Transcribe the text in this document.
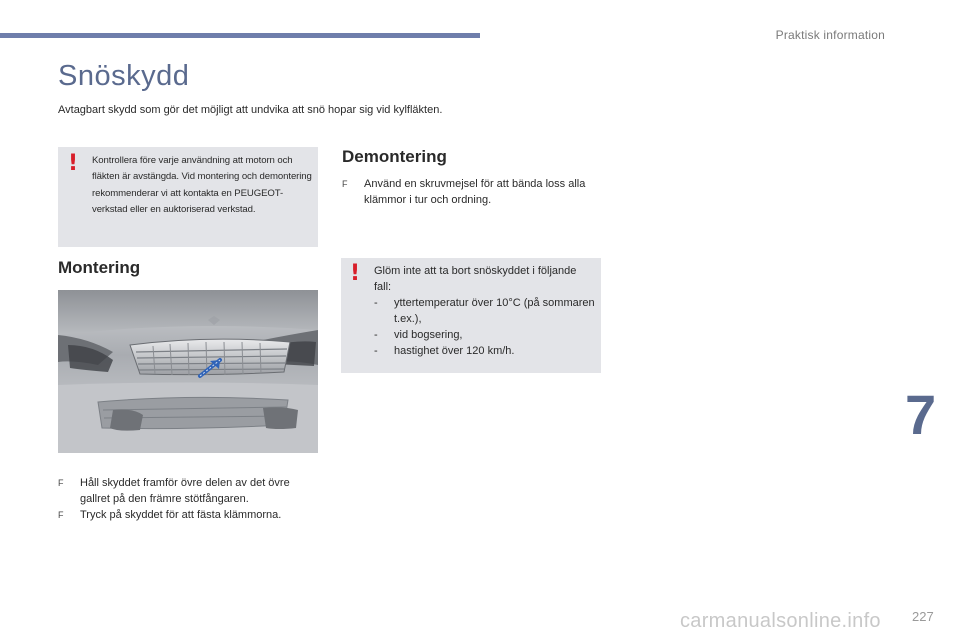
Praktisk information
Snöskydd

Avtagbart skydd som gör det möjligt att undvika att snö hopar sig vid kylfläkten.

! Kontrollera före varje användning att motorn och fläkten är avstängda. Vid montering och demontering rekommenderar vi att kontakta en PEUGEOT-verkstad eller en auktoriserad verkstad.
Montering
F Håll skyddet framför övre delen av det övre gallret på den främre stötfångaren.
F Tryck på skyddet för att fästa klämmorna.
Demontering
F Använd en skruvmejsel för att bända loss alla klämmor i tur och ordning.
! Glöm inte att ta bort snöskyddet i följande fall:
- yttertemperatur över 10°C (på sommaren t.ex.),
- vid bogsering,
- hastighet över 120 km/h.
7
carmanualsonline.info 227
